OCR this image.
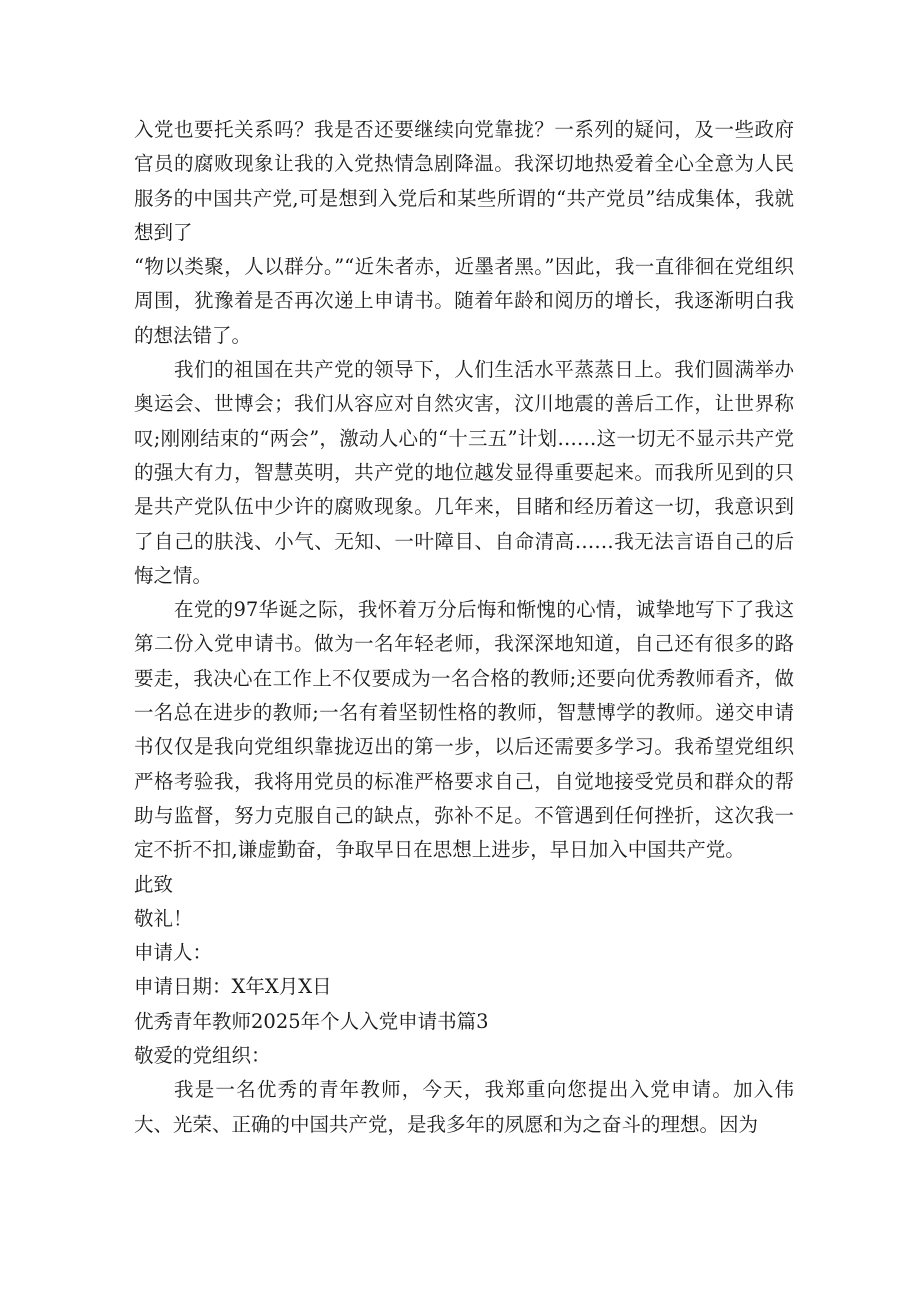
入党也要托关系吗？我是否还要继续向党靠拢？一系列的疑问，及一些政府官员的腐败现象让我的入党热情急剧降温。我深切地热爱着全心全意为人民服务的中国共产党,可是想到入党后和某些所谓的“共产党员”结成集体，我就想到了

“物以类聚，人以群分。”“近朱者赤，近墨者黑。”因此，我一直徘徊在党组织周围，犹豫着是否再次递上申请书。随着年龄和阅历的增长，我逐渐明白我的想法错了。

我们的祖国在共产党的领导下，人们生活水平蒸蒸日上。我们圆满举办奥运会、世博会；我们从容应对自然灾害，汶川地震的善后工作，让世界称叹;刚刚结束的“两会”，激动人心的“十三五”计划……这一切无不显示共产党的强大有力，智慧英明，共产党的地位越发显得重要起来。而我所见到的只是共产党队伍中少许的腐败现象。几年来，目睹和经历着这一切，我意识到了自己的肤浅、小气、无知、一叶障目、自命清高……我无法言语自己的后悔之情。

在党的97华诞之际，我怀着万分后悔和惭愧的心情，诚挚地写下了我这第二份入党申请书。做为一名年轻老师，我深深地知道，自己还有很多的路要走，我决心在工作上不仅要成为一名合格的教师;还要向优秀教师看齐，做一名总在进步的教师;一名有着坚韧性格的教师，智慧博学的教师。递交申请书仅仅是我向党组织靠拢迈出的第一步，以后还需要多学习。我希望党组织严格考验我，我将用党员的标准严格要求自己，自觉地接受党员和群众的帮助与监督，努力克服自己的缺点，弥补不足。不管遇到任何挫折，这次我一定不折不扣,谦虚勤奋，争取早日在思想上进步，早日加入中国共产党。

此致

敬礼！

申请人：

申请日期：X年X月X日

优秀青年教师2025年个人入党申请书篇3

敬爱的党组织：

我是一名优秀的青年教师，今天，我郑重向您提出入党申请。加入伟大、光荣、正确的中国共产党，是我多年的夙愿和为之奋斗的理想。因为
